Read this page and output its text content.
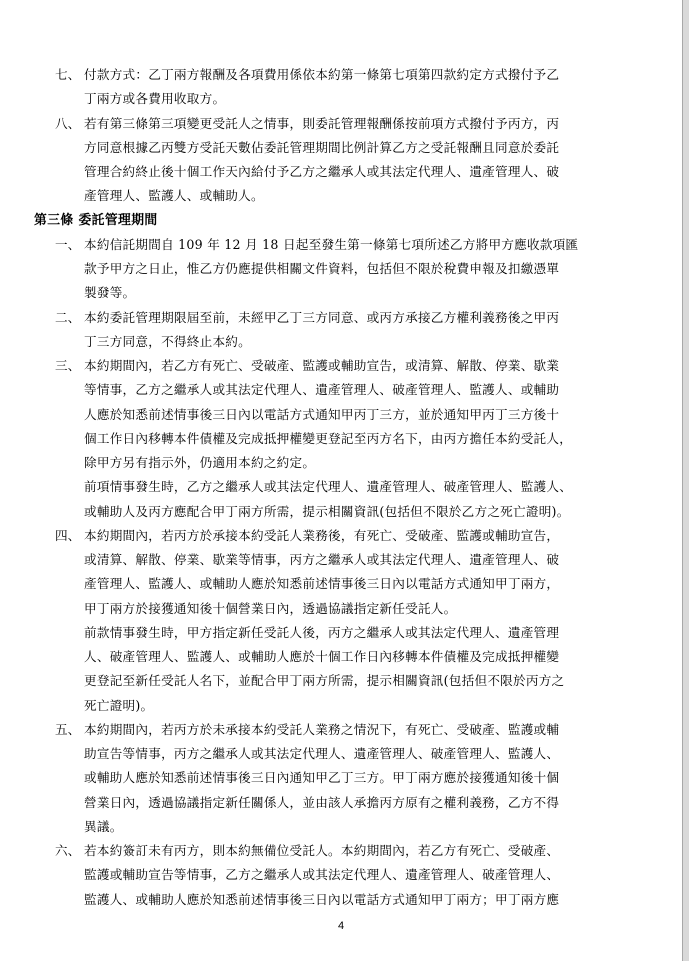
七、 付款方式：乙丁兩方報酬及各項費用係依本約第一條第七項第四款約定方式撥付予乙
丁兩方或各費用收取方。
八、 若有第三條第三項變更受託人之情事，則委託管理報酬係按前項方式撥付予丙方，丙
方同意根據乙丙雙方受託天數佔委託管理期間比例計算乙方之受託報酬且同意於委託
管理合約終止後十個工作天內給付予乙方之繼承人或其法定代理人、遺產管理人、破
產管理人、監護人、或輔助人。
第三條 委託管理期間
一、 本約信託期間自 109 年 12 月 18 日起至發生第一條第七項所述乙方將甲方應收款項匯
款予甲方之日止，惟乙方仍應提供相關文件資料，包括但不限於稅費申報及扣繳憑單
製發等。
二、 本約委託管理期限屆至前，未經甲乙丁三方同意、或丙方承接乙方權利義務後之甲丙
丁三方同意，不得終止本約。
三、 本約期間內，若乙方有死亡、受破產、監護或輔助宣告，或清算、解散、停業、歇業
等情事，乙方之繼承人或其法定代理人、遺產管理人、破產管理人、監護人、或輔助
人應於知悉前述情事後三日內以電話方式通知甲丙丁三方，並於通知甲丙丁三方後十
個工作日內移轉本件債權及完成抵押權變更登記至丙方名下，由丙方擔任本約受託人，
除甲方另有指示外，仍適用本約之約定。
前項情事發生時，乙方之繼承人或其法定代理人、遺產管理人、破產管理人、監護人、
或輔助人及丙方應配合甲丁兩方所需，提示相關資訊(包括但不限於乙方之死亡證明)。
四、 本約期間內，若丙方於承接本約受託人業務後，有死亡、受破產、監護或輔助宣告，
或清算、解散、停業、歇業等情事，丙方之繼承人或其法定代理人、遺產管理人、破
產管理人、監護人、或輔助人應於知悉前述情事後三日內以電話方式通知甲丁兩方，
甲丁兩方於接獲通知後十個營業日內，透過協議指定新任受託人。
前款情事發生時，甲方指定新任受託人後，丙方之繼承人或其法定代理人、遺產管理
人、破產管理人、監護人、或輔助人應於十個工作日內移轉本件債權及完成抵押權變
更登記至新任受託人名下，並配合甲丁兩方所需，提示相關資訊(包括但不限於丙方之
死亡證明)。
五、 本約期間內，若丙方於未承接本約受託人業務之情況下，有死亡、受破產、監護或輔
助宣告等情事，丙方之繼承人或其法定代理人、遺產管理人、破產管理人、監護人、
或輔助人應於知悉前述情事後三日內通知甲乙丁三方。甲丁兩方應於接獲通知後十個
營業日內，透過協議指定新任關係人，並由該人承擔丙方原有之權利義務，乙方不得
異議。
六、 若本約簽訂未有丙方，則本約無備位受託人。本約期間內，若乙方有死亡、受破產、
監護或輔助宣告等情事，乙方之繼承人或其法定代理人、遺產管理人、破產管理人、
監護人、或輔助人應於知悉前述情事後三日內以電話方式通知甲丁兩方；甲丁兩方應
4
